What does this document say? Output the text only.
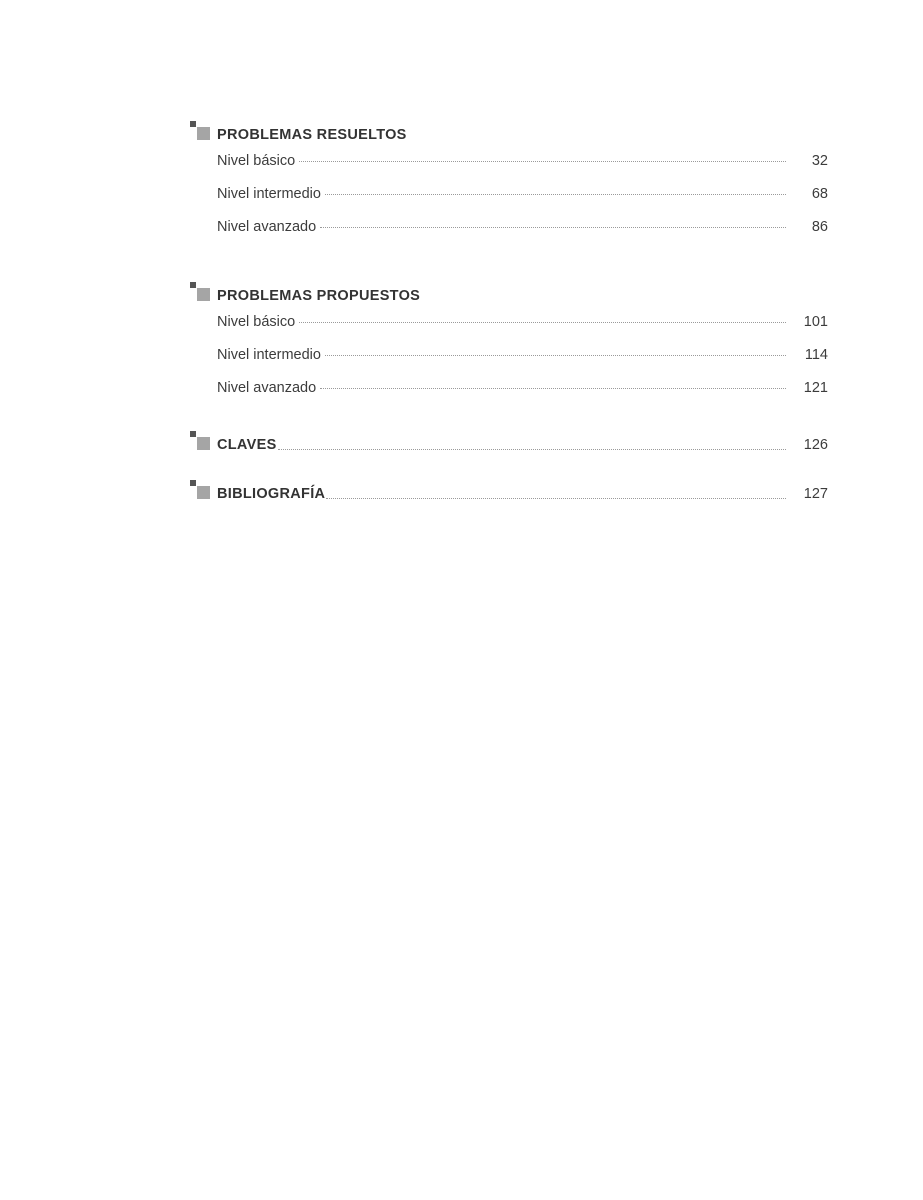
PROBLEMAS RESUELTOS
Nivel básico	32
Nivel intermedio	68
Nivel avanzado	86
PROBLEMAS PROPUESTOS
Nivel básico	101
Nivel intermedio	114
Nivel avanzado	121
CLAVES	126
BIBLIOGRAFÍA	127
